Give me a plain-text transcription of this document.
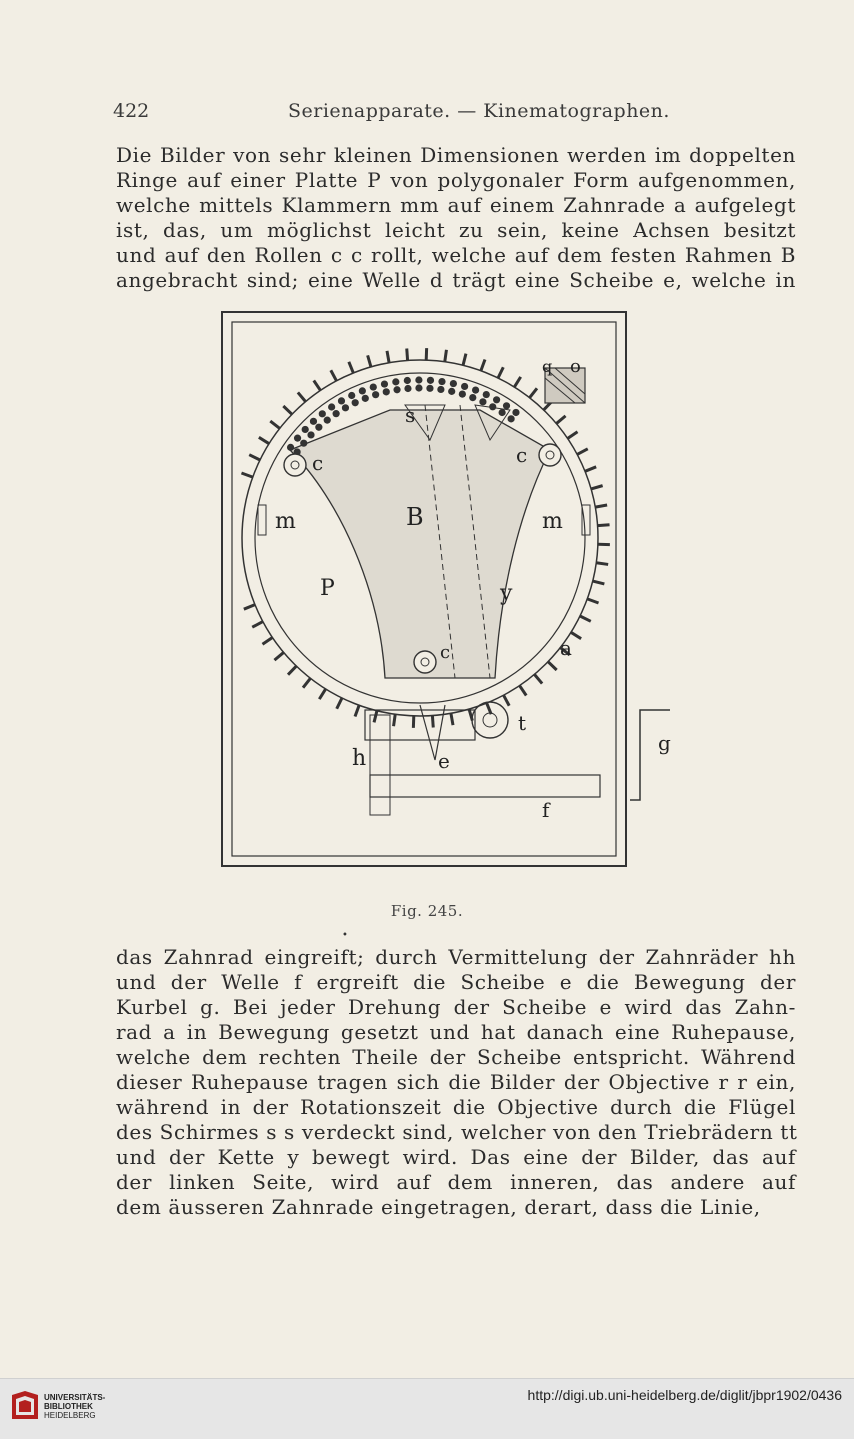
422	Serienapparate. — Kinematographen.
Die Bilder von sehr kleinen Dimensionen werden im doppelten
Ringe auf einer Platte P von polygonaler Form aufgenommen,
welche mittels Klammern mm auf einem Zahnrade a aufgelegt
ist, das, um möglichst leicht zu sein, keine Achsen besitzt
und auf den Rollen c c rollt, welche auf dem festen Rahmen B
angebracht sind; eine Welle d trägt eine Scheibe e, welche in
q o
s
c	c
c
m	m
B
P	y
a
t
h	e
f
g
Fig. 245.
•
das Zahnrad eingreift; durch Vermittelung der Zahnräder hh
und der Welle f ergreift die Scheibe e die Bewegung der
Kurbel g. Bei jeder Drehung der Scheibe e wird das Zahn-
rad a in Bewegung gesetzt und hat danach eine Ruhepause,
welche dem rechten Theile der Scheibe entspricht. Während
dieser Ruhepause tragen sich die Bilder der Objective r r ein,
während in der Rotationszeit die Objective durch die Flügel
des Schirmes s s verdeckt sind, welcher von den Triebrädern tt
und der Kette y bewegt wird. Das eine der Bilder, das auf
der linken Seite, wird auf dem inneren, das andere auf
dem äusseren Zahnrade eingetragen, derart, dass die Linie,
UNIVERSITÄTS-
BIBLIOTHEK
HEIDELBERG
http://digi.ub.uni-heidelberg.de/diglit/jbpr1902/0436
